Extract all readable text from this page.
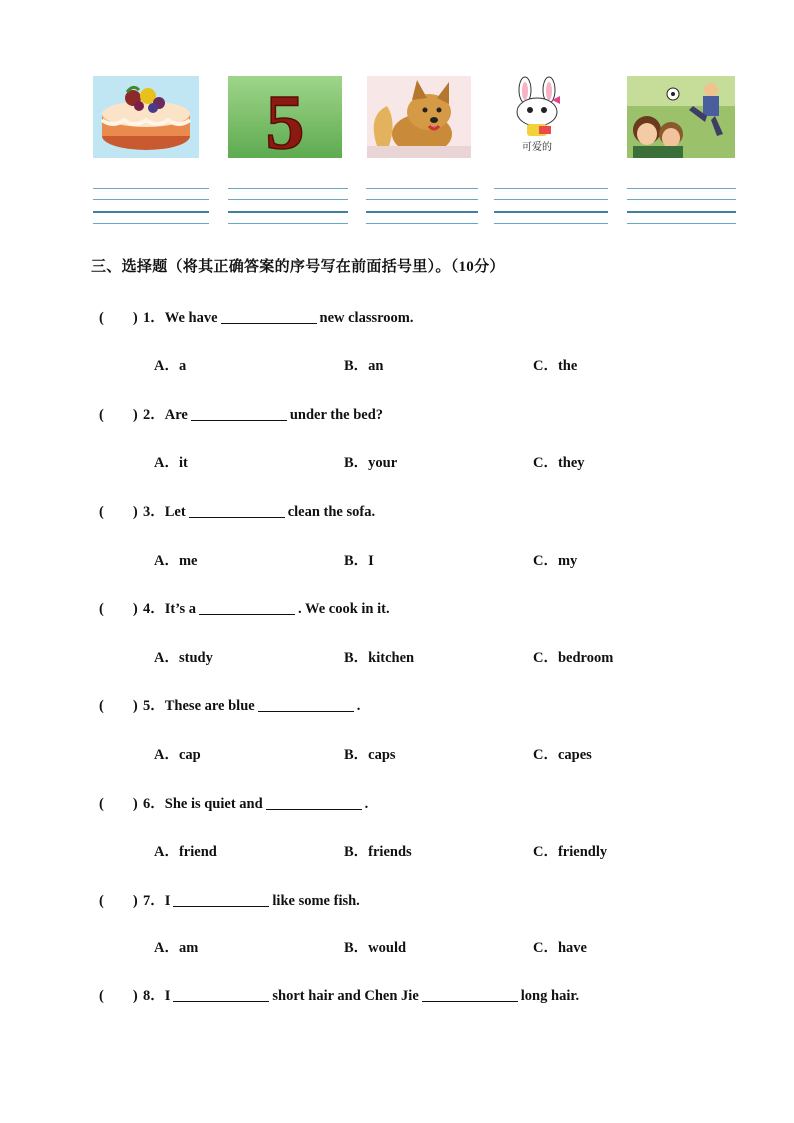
5	可爱的
三、选择题（将其正确答案的序号写在前面括号里）。（10分）
(　　) 1．We have	new classroom.
A．a	B．an	C．the
(　　) 2．Are	under the bed?
A．it	B．your	C．they
(　　) 3．Let	clean the sofa.
A．me	B．I	C．my
(　　) 4．It’s a	. We cook in it.
A．study	B．kitchen	C．bedroom
(　　) 5．These are blue	.
A．cap	B．caps	C．capes
(　　) 6．She is quiet and	.
A．friend	B．friends	C．friendly
(　　) 7．I	like some fish.
A．am	B．would	C．have
(　　) 8．I	short hair and Chen Jie	long hair.
